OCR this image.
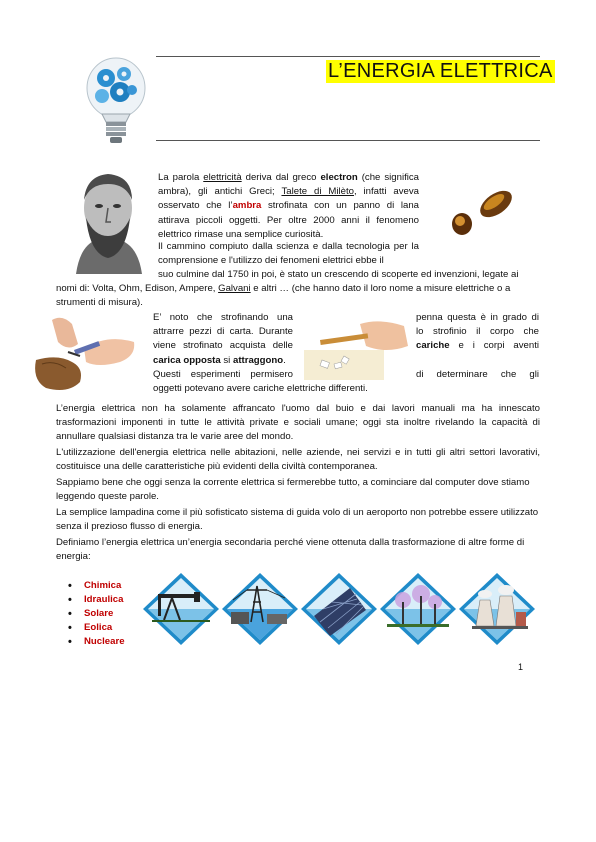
L’ENERGIA ELETTRICA
La parola elettricità deriva dal greco electron (che significa ambra), gli antichi Greci; Talete di Milèto, infatti aveva osservato che l’ambra strofinata con un panno di lana attirava piccoli oggetti. Per oltre 2000 anni il fenomeno elettrico rimase una semplice curiosità.
Il cammino compiuto dalla scienza e dalla tecnologia per la comprensione e l'utilizzo dei fenomeni elettrici ebbe il
suo culmine dal 1750 in poi, è stato un crescendo di scoperte ed invenzioni, legate ai
nomi di: Volta, Ohm, Edison, Ampere, Galvani e altri … (che hanno dato il loro nome a misure elettriche o a
strumenti di misura).
E’ noto che strofinando una
attrarre pezzi di carta. Durante
viene strofinato acquista delle
carica opposta si attraggono.
Questi esperimenti permisero
penna questa è in grado di
lo strofinio il corpo che
cariche e i corpi aventi

di determinare che gli
oggetti potevano avere cariche elettriche differenti.
L’energia elettrica non ha solamente affrancato l'uomo dal buio e dai lavori manuali ma ha innescato trasformazioni imponenti in tutte le attività private e sociali umane; oggi sta inoltre rivelando la capacità di annullare qualsiasi distanza tra le varie aree del mondo.
L'utilizzazione dell'energia elettrica nelle abitazioni, nelle aziende, nei servizi e in tutti gli altri settori lavorativi, costituisce una delle caratteristiche più evidenti della civiltà contemporanea.
Sappiamo bene che oggi senza la corrente elettrica si fermerebbe tutto, a cominciare dal computer dove stiamo leggendo queste parole.
La semplice lampadina come il più sofisticato sistema di guida volo di un aeroporto non potrebbe essere utilizzato senza il prezioso flusso di energia.
Definiamo l’energia elettrica un’energia secondaria perché viene ottenuta dalla trasformazione di altre forme di energia:
• Chimica
• Idraulica
• Solare
• Eolica
• Nucleare
1
